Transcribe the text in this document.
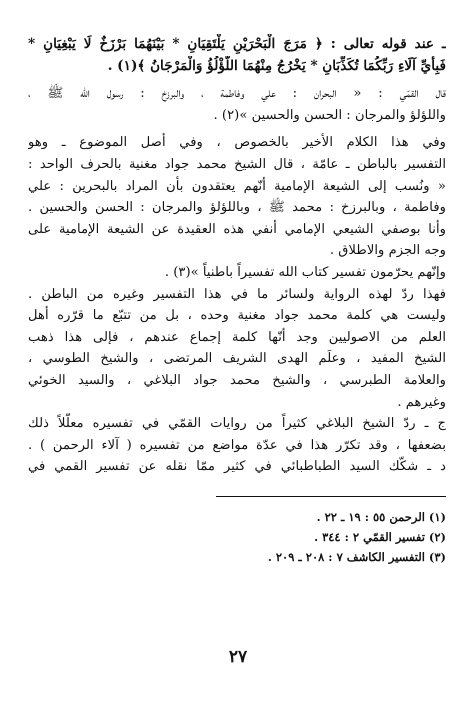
ـ عند قوله تعالى : ﴿ مَرَجَ الْبَحْرَيْنِ يَلْتَقِيَانِ * بَيْنَهُمَا بَرْزَخٌ لَا يَبْغِيَانِ *
فَبِأَيِّ آلَاءِ رَبِّكُمَا تُكَذِّبَانِ * يَخْرُجُ مِنْهُمَا اللُّؤْلُؤُ وَالْمَرْجَانُ ﴾(١) .
قال القمّي : « البحران : علي وفاطمة ، والبرزخ : رسول الله ﷺ ،
واللؤلؤ والمرجان : الحسن والحسين »(٢) .
وفي هذا الكلام الأخير بالخصوص ، وفي أصل الموضوع ـ وهو
التفسير بالباطن ـ عامّة ، قال الشيخ محمد جواد مغنية بالحرف الواحد :
« ونُسب إلى الشيعة الإمامية أنّهم يعتقدون بأن المراد بالبحرين : علي
وفاطمة ، وبالبرزخ : محمد ﷺ ، وباللؤلؤ والمرجان : الحسن والحسين .
وأنا بوصفي الشيعي الإمامي أنفي هذه العقيدة عن الشيعة الإمامية على
وجه الجزم والاطلاق .
وإنّهم يحرّمون تفسير كتاب الله تفسيراً باطنياً »(٣) .
فهذا ردّ لهذه الرواية ولسائر ما في هذا التفسير وغيره من الباطن .
وليست هي كلمة محمد جواد مغنية وحده ، بل من تتبّع ما قرّره أهل
العلم من الاصوليين وجد أنّها كلمة إجماع عندهم ، فإلى هذا ذهب
الشيخ المفيد ، وعلَم الهدى الشريف المرتضى ، والشيخ الطوسي ،
والعلامة الطبرسي ، والشيخ محمد جواد البلاغي ، والسيد الخوئي
وغيرهم .
ج ـ ردّ الشيخ البلاغي كثيراً من روايات القمّي في تفسيره معلّلاً ذلك
بضعفها ، وقد تكرّر هذا في عدّة مواضع من تفسيره ( آلاء الرحمن ) .
د ـ شكّك السيد الطباطبائي في كثير ممّا نقله عن تفسير القمي في
(١) الرحمن ٥٥ : ١٩ ـ ٢٢ .
(٢) تفسير القمّي ٢ : ٣٤٤ .
(٣) التفسير الكاشف ٧ : ٢٠٨ ـ ٢٠٩ .
٢٧
